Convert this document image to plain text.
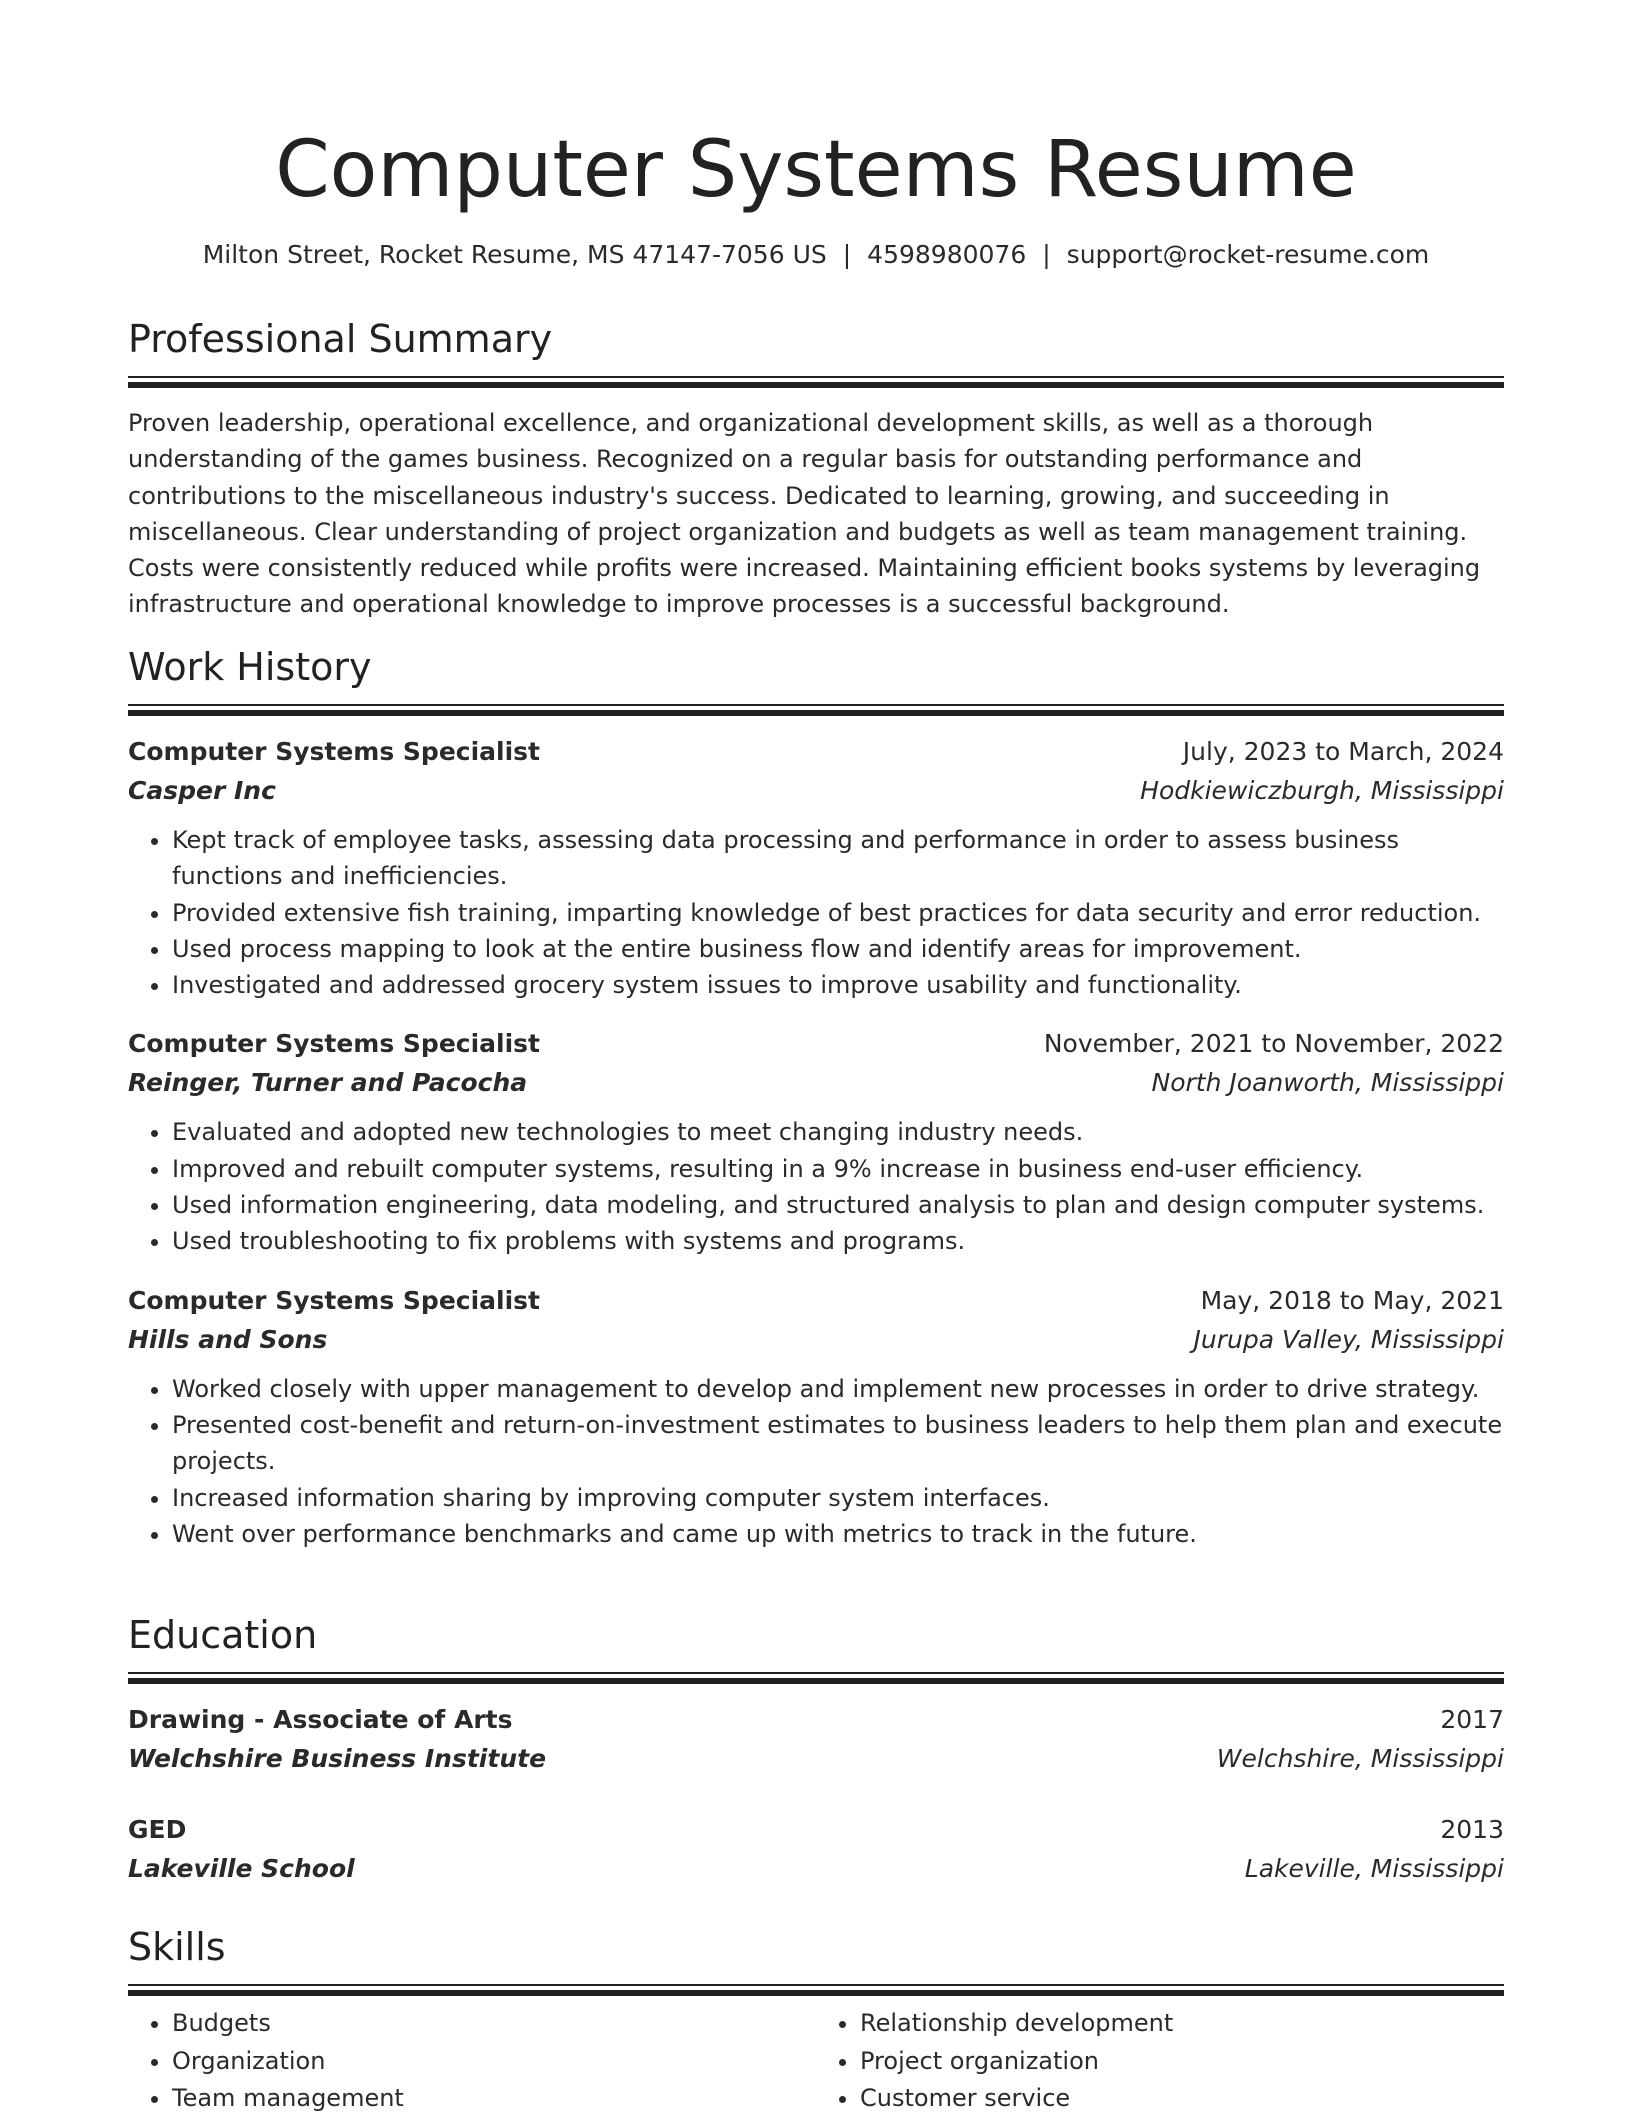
Computer Systems Resume
Milton Street, Rocket Resume, MS 47147-7056 US | 4598980076 | support@rocket-resume.com
Professional Summary

Proven leadership, operational excellence, and organizational development skills, as well as a thorough understanding of the games business. Recognized on a regular basis for outstanding performance and contributions to the miscellaneous industry's success. Dedicated to learning, growing, and succeeding in miscellaneous. Clear understanding of project organization and budgets as well as team management training. Costs were consistently reduced while profits were increased. Maintaining efficient books systems by leveraging infrastructure and operational knowledge to improve processes is a successful background.

Work History
Computer Systems Specialist	July, 2023 to March, 2024
Casper Inc	Hodkiewiczburgh, Mississippi
• Kept track of employee tasks, assessing data processing and performance in order to assess business functions and inefficiencies.
• Provided extensive fish training, imparting knowledge of best practices for data security and error reduction.
• Used process mapping to look at the entire business flow and identify areas for improvement.
• Investigated and addressed grocery system issues to improve usability and functionality.
Computer Systems Specialist	November, 2021 to November, 2022
Reinger, Turner and Pacocha	North Joanworth, Mississippi
• Evaluated and adopted new technologies to meet changing industry needs.
• Improved and rebuilt computer systems, resulting in a 9% increase in business end-user efficiency.
• Used information engineering, data modeling, and structured analysis to plan and design computer systems.
• Used troubleshooting to fix problems with systems and programs.
Computer Systems Specialist	May, 2018 to May, 2021
Hills and Sons	Jurupa Valley, Mississippi
• Worked closely with upper management to develop and implement new processes in order to drive strategy.
• Presented cost-benefit and return-on-investment estimates to business leaders to help them plan and execute projects.
• Increased information sharing by improving computer system interfaces.
• Went over performance benchmarks and came up with metrics to track in the future.
Education
Drawing - Associate of Arts	2017
Welchshire Business Institute	Welchshire, Mississippi
GED	2013
Lakeville School	Lakeville, Mississippi
Skills
• Budgets
• Organization
• Team management
• Relationship development
• Project organization
• Customer service
